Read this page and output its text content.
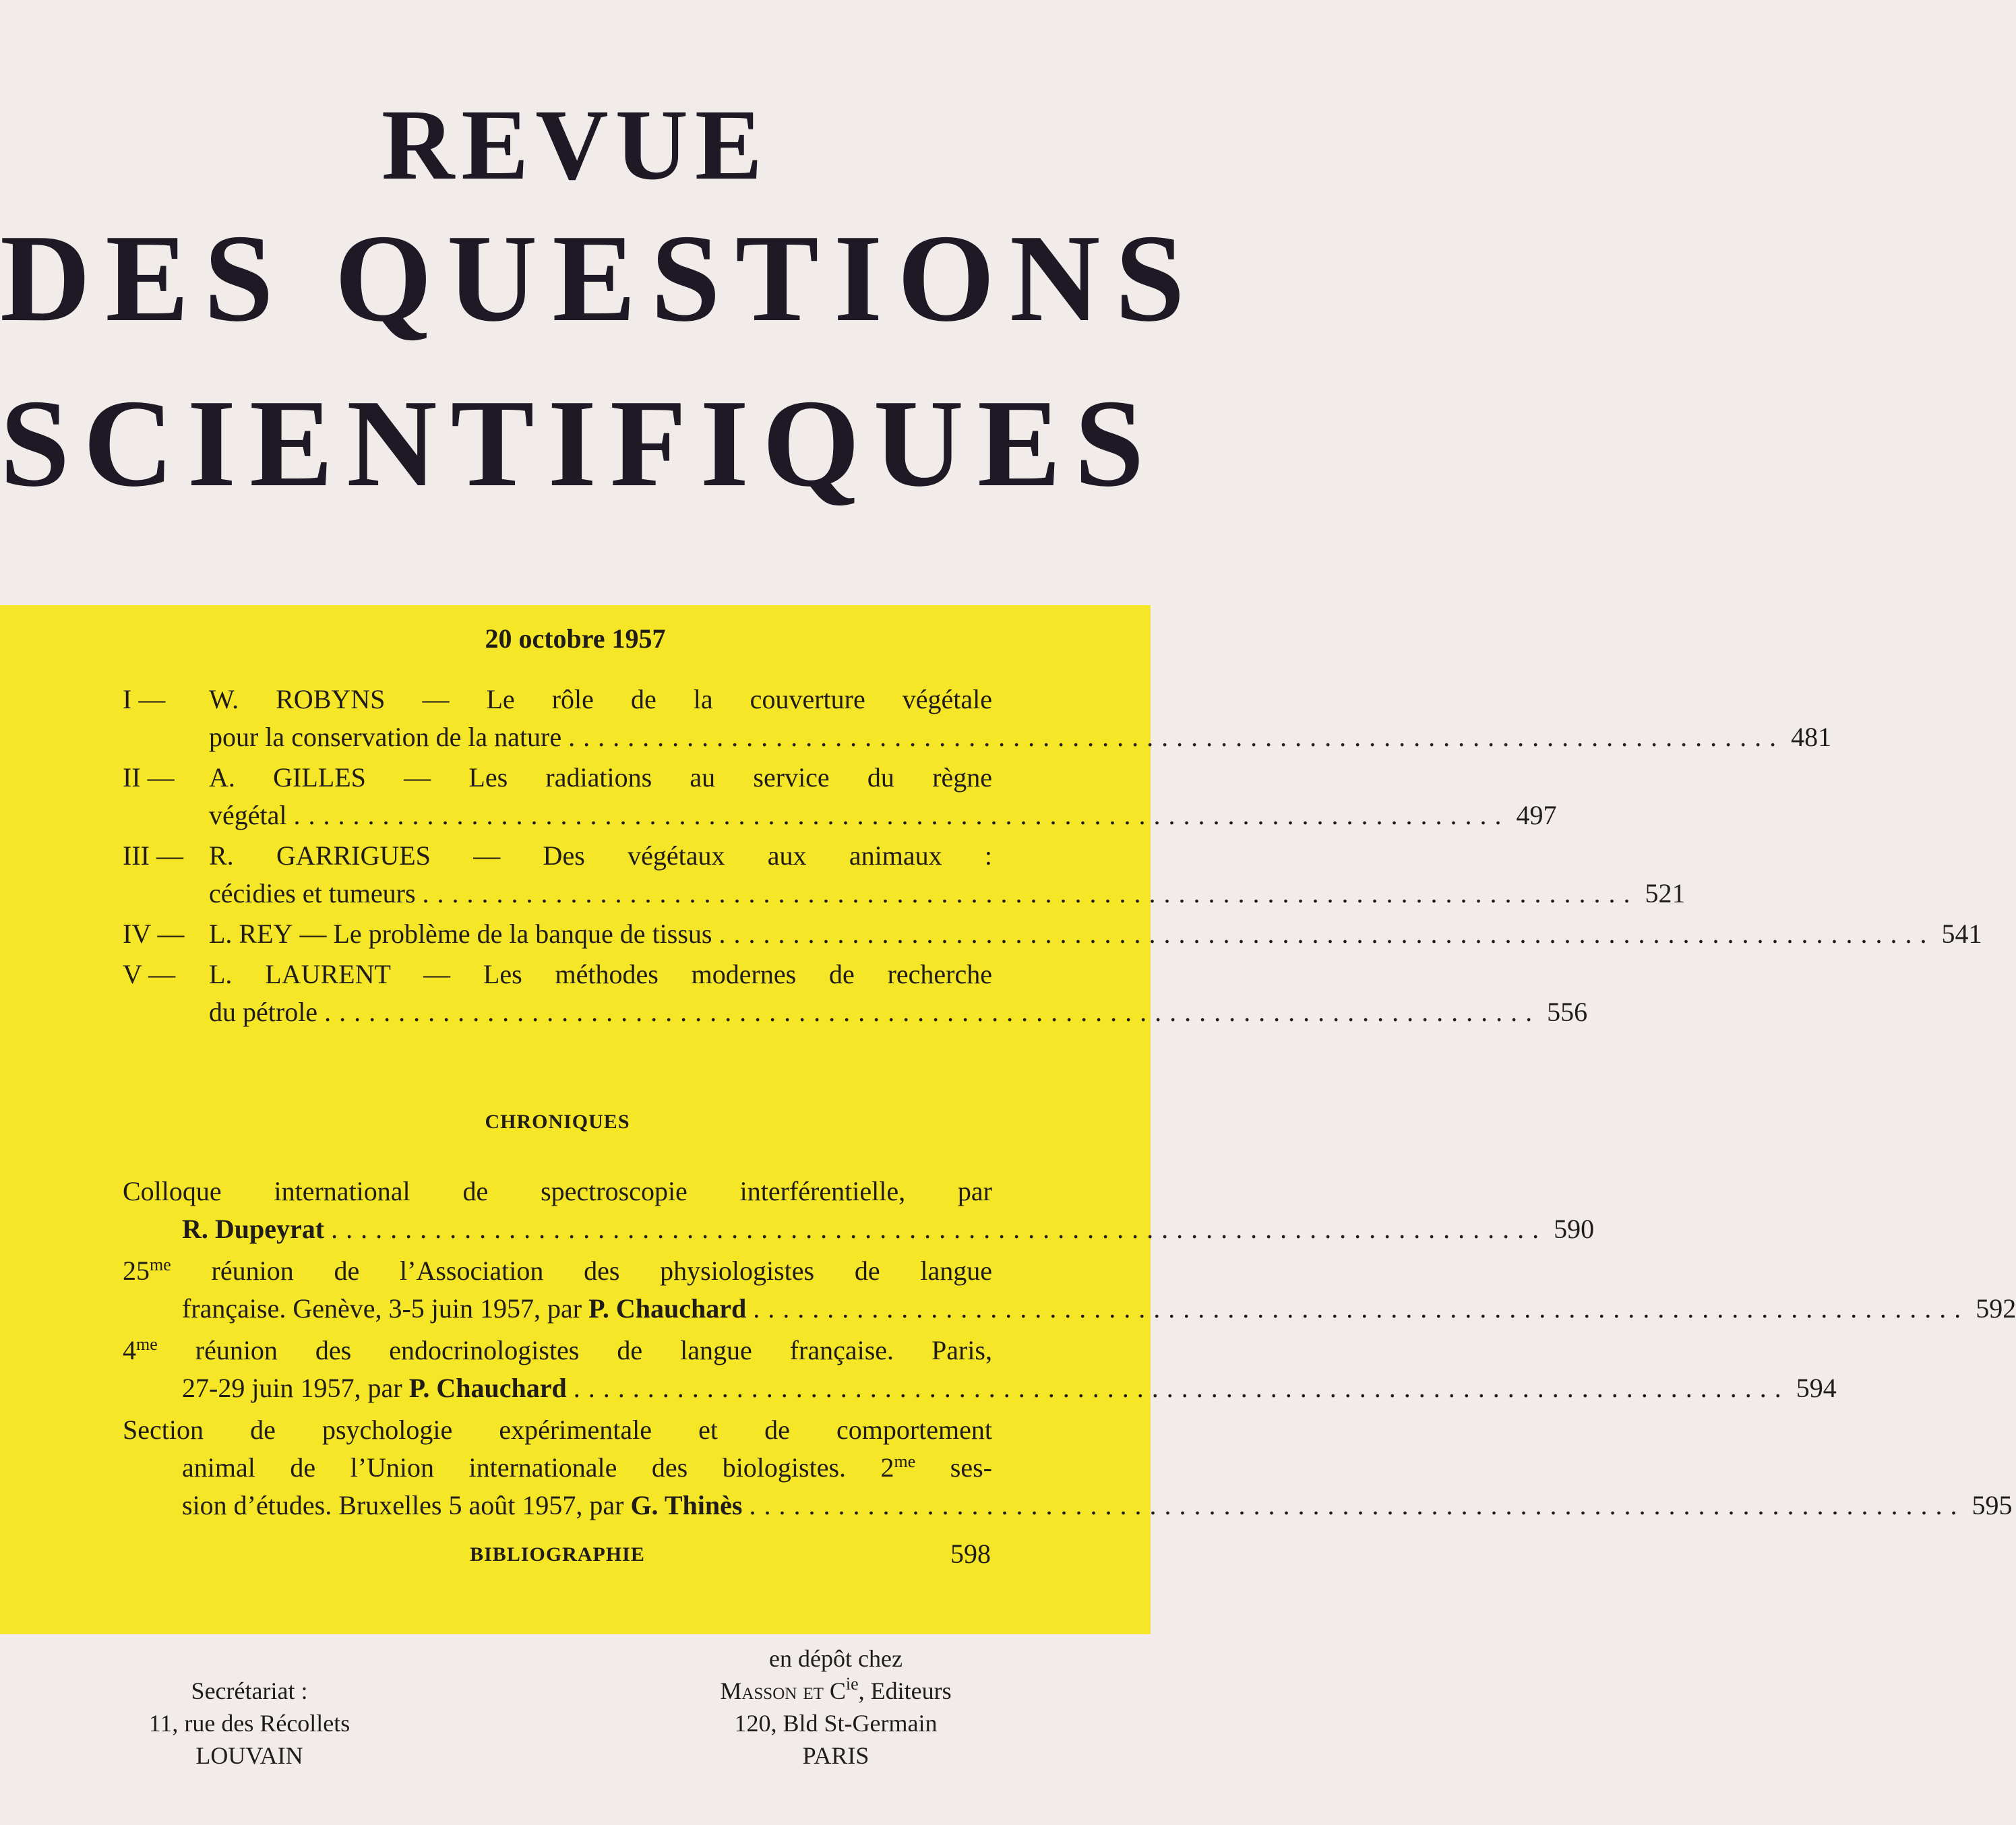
REVUE
DES QUESTIONS
SCIENTIFIQUES
20 octobre 1957
I — W. ROBYNS — Le rôle de la couverture végétale
pour la conservation de la nature .................................................................................. 481
II — A. GILLES — Les radiations au service du règne
végétal .................................................................................. 497
III — R. GARRIGUES — Des végétaux aux animaux :
cécidies et tumeurs .................................................................................. 521
IV — L. REY
— Le problème de la banque de tissus .................................................................................. 541
V — L. LAURENT — Les méthodes modernes de recherche
du pétrole .................................................................................. 556
CHRONIQUES
Colloque international de spectroscopie interférentielle, par
R. Dupeyrat .................................................................................. 590
$25^{me}$ réunion de l’Association des physiologistes de langue
française. Genève, 3-5 juin 1957, par
P. Chauchard .................................................................................. 592
$4^{me}$ réunion des endocrinologistes de langue française. Paris,
27-29 juin 1957, par
P. Chauchard .................................................................................. 594
Section de psychologie expérimentale et de comportement
animal de l’Union internationale des biologistes. $2^{me}$ ses-
sion d’études. Bruxelles 5 août 1957, par
G. Thinès .................................................................................. 595
BIBLIOGRAPHIE	598
Secrétariat :
11, rue des Récollets
LOUVAIN
en dépôt chez
Masson et $C^{ie}$, Editeurs
120, Bld St-Germain
PARIS
